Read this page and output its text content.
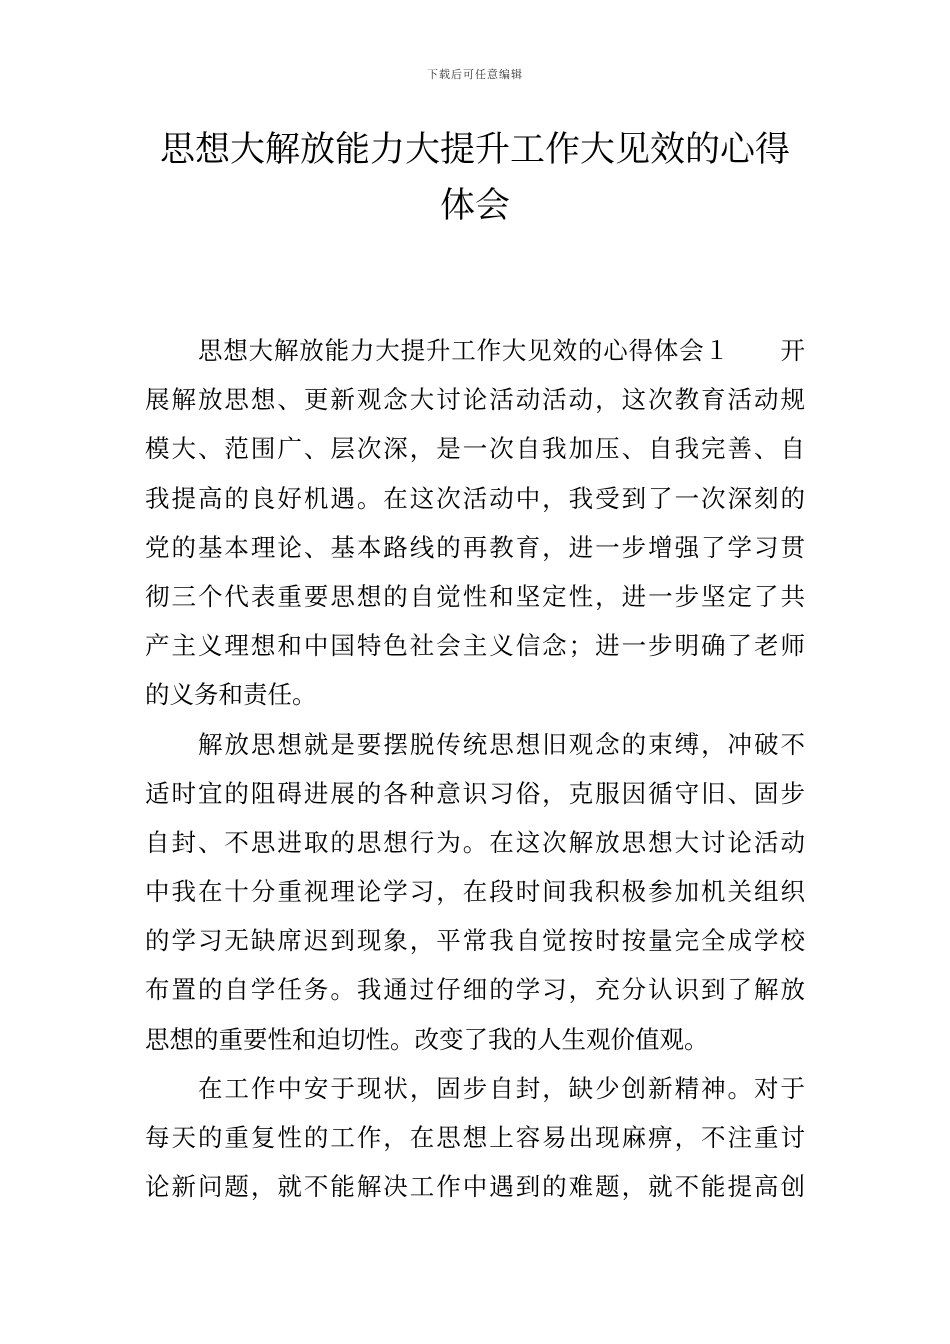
下载后可任意编辑
思想大解放能力大提升工作大见效的心得
体会
思想大解放能力大提升工作大见效的心得体会１　　开
展解放思想、更新观念大讨论活动活动，这次教育活动规
模大、范围广、层次深，是一次自我加压、自我完善、自
我提高的良好机遇。在这次活动中，我受到了一次深刻的
党的基本理论、基本路线的再教育，进一步增强了学习贯
彻三个代表重要思想的自觉性和坚定性，进一步坚定了共
产主义理想和中国特色社会主义信念；进一步明确了老师
的义务和责任。
解放思想就是要摆脱传统思想旧观念的束缚，冲破不
适时宜的阻碍进展的各种意识习俗，克服因循守旧、固步
自封、不思进取的思想行为。在这次解放思想大讨论活动
中我在十分重视理论学习，在段时间我积极参加机关组织
的学习无缺席迟到现象，平常我自觉按时按量完全成学校
布置的自学任务。我通过仔细的学习，充分认识到了解放
思想的重要性和迫切性。改变了我的人生观价值观。
在工作中安于现状，固步自封，缺少创新精神。对于
每天的重复性的工作，在思想上容易出现麻痹，不注重讨
论新问题，就不能解决工作中遇到的难题，就不能提高创
